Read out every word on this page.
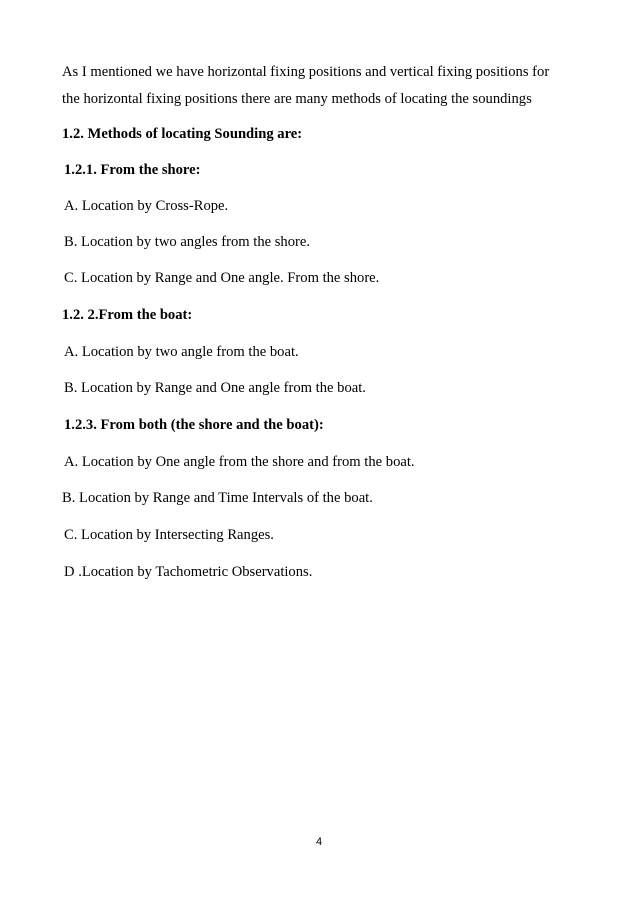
As I mentioned we have horizontal fixing positions and vertical fixing positions for
the horizontal fixing positions there are many methods of locating the soundings
1.2. Methods of locating Sounding are:
1.2.1. From the shore:
A. Location by Cross-Rope.
B. Location by two angles from the shore.
C. Location by Range and One angle. From the shore.
1.2. 2.From the boat:
A. Location by two angle from the boat.
B. Location by Range and One angle from the boat.
1.2.3. From both (the shore and the boat):
A. Location by One angle from the shore and from the boat.
B. Location by Range and Time Intervals of the boat.
C. Location by Intersecting Ranges.
D .Location by Tachometric Observations.
4
